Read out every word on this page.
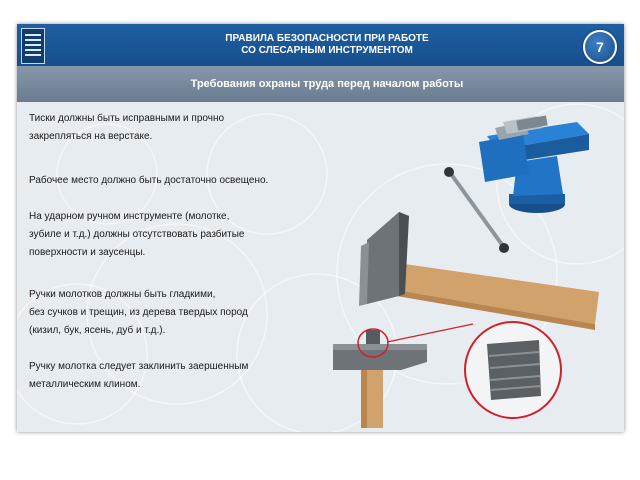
ПРАВИЛА БЕЗОПАСНОСТИ ПРИ РАБОТЕ
СО СЛЕСАРНЫМ ИНСТРУМЕНТОМ	7
Требования охраны труда перед началом работы

Тиски должны быть исправными и прочно
закрепляться на верстаке.

Рабочее место должно быть достаточно освещено.

На ударном ручном инструменте (молотке,
зубиле и т.д.) должны отсутствовать разбитые
поверхности и заусенцы.

Ручки молотков должны быть гладкими,
без сучков и трещин, из дерева твердых пород
(кизил, бук, ясень, дуб и т.д.).

Ручку молотка следует заклинить заершенным
металлическим клином.
